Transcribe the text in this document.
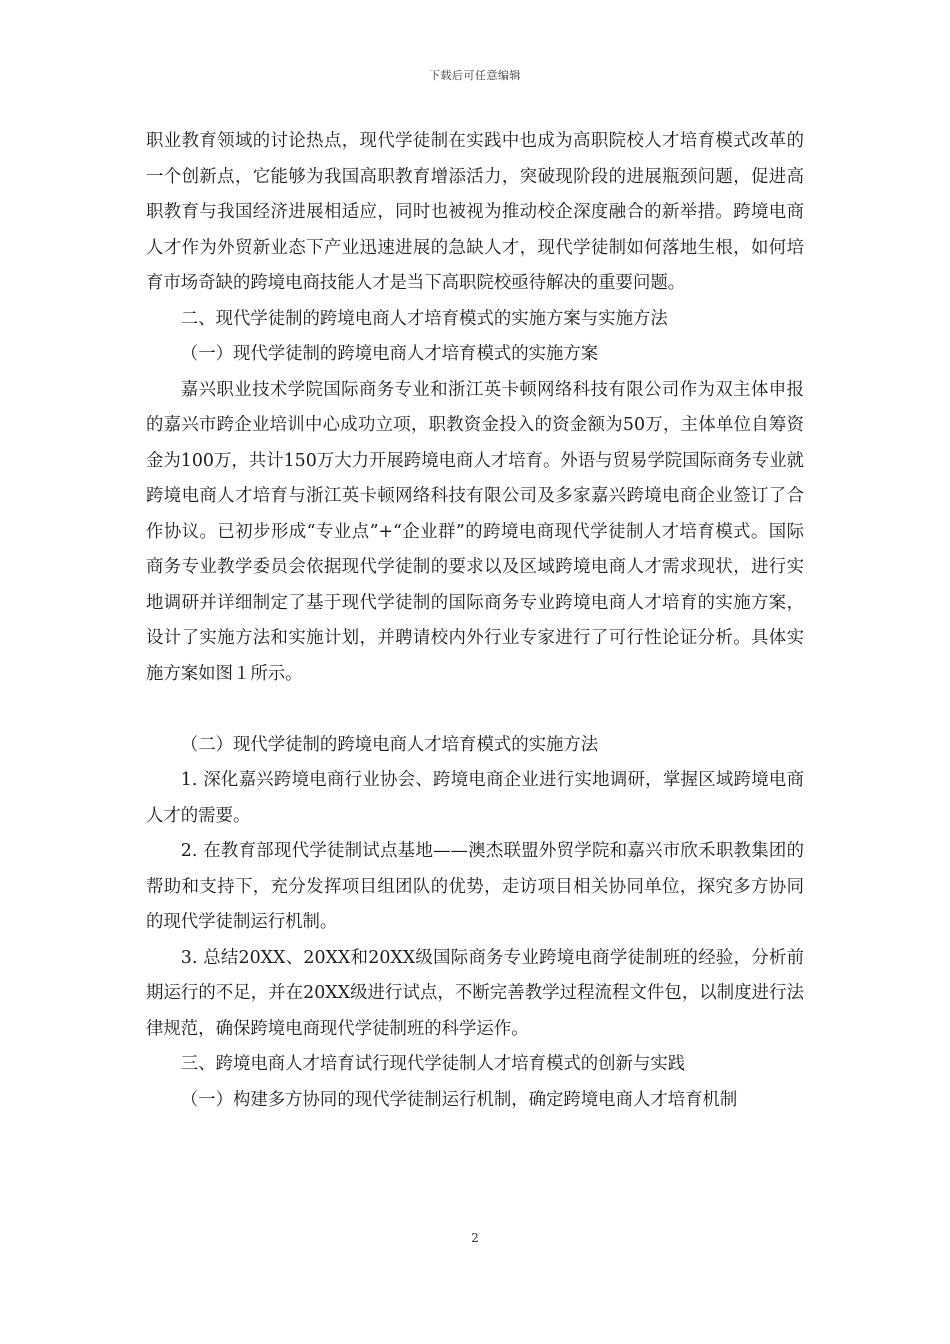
下载后可任意编辑

职业教育领域的讨论热点，现代学徒制在实践中也成为高职院校人才培育模式改革的一个创新点，它能够为我国高职教育增添活力，突破现阶段的进展瓶颈问题，促进高职教育与我国经济进展相适应，同时也被视为推动校企深度融合的新举措。跨境电商人才作为外贸新业态下产业迅速进展的急缺人才，现代学徒制如何落地生根，如何培育市场奇缺的跨境电商技能人才是当下高职院校亟待解决的重要问题。

二、现代学徒制的跨境电商人才培育模式的实施方案与实施方法

（一）现代学徒制的跨境电商人才培育模式的实施方案

嘉兴职业技术学院国际商务专业和浙江英卡顿网络科技有限公司作为双主体申报的嘉兴市跨企业培训中心成功立项，职教资金投入的资金额为50万，主体单位自筹资金为100万，共计150万大力开展跨境电商人才培育。外语与贸易学院国际商务专业就跨境电商人才培育与浙江英卡顿网络科技有限公司及多家嘉兴跨境电商企业签订了合作协议。已初步形成“专业点”+“企业群”的跨境电商现代学徒制人才培育模式。国际商务专业教学委员会依据现代学徒制的要求以及区域跨境电商人才需求现状，进行实地调研并详细制定了基于现代学徒制的国际商务专业跨境电商人才培育的实施方案，设计了实施方法和实施计划，并聘请校内外行业专家进行了可行性论证分析。具体实施方案如图１所示。

（二）现代学徒制的跨境电商人才培育模式的实施方法

1. 深化嘉兴跨境电商行业协会、跨境电商企业进行实地调研，掌握区域跨境电商人才的需要。

2. 在教育部现代学徒制试点基地——澳杰联盟外贸学院和嘉兴市欣禾职教集团的帮助和支持下，充分发挥项目组团队的优势，走访项目相关协同单位，探究多方协同的现代学徒制运行机制。

3. 总结20XX、20XX和20XX级国际商务专业跨境电商学徒制班的经验，分析前期运行的不足，并在20XX级进行试点，不断完善教学过程流程文件包，以制度进行法律规范，确保跨境电商现代学徒制班的科学运作。

三、跨境电商人才培育试行现代学徒制人才培育模式的创新与实践

（一）构建多方协同的现代学徒制运行机制，确定跨境电商人才培育机制

2
